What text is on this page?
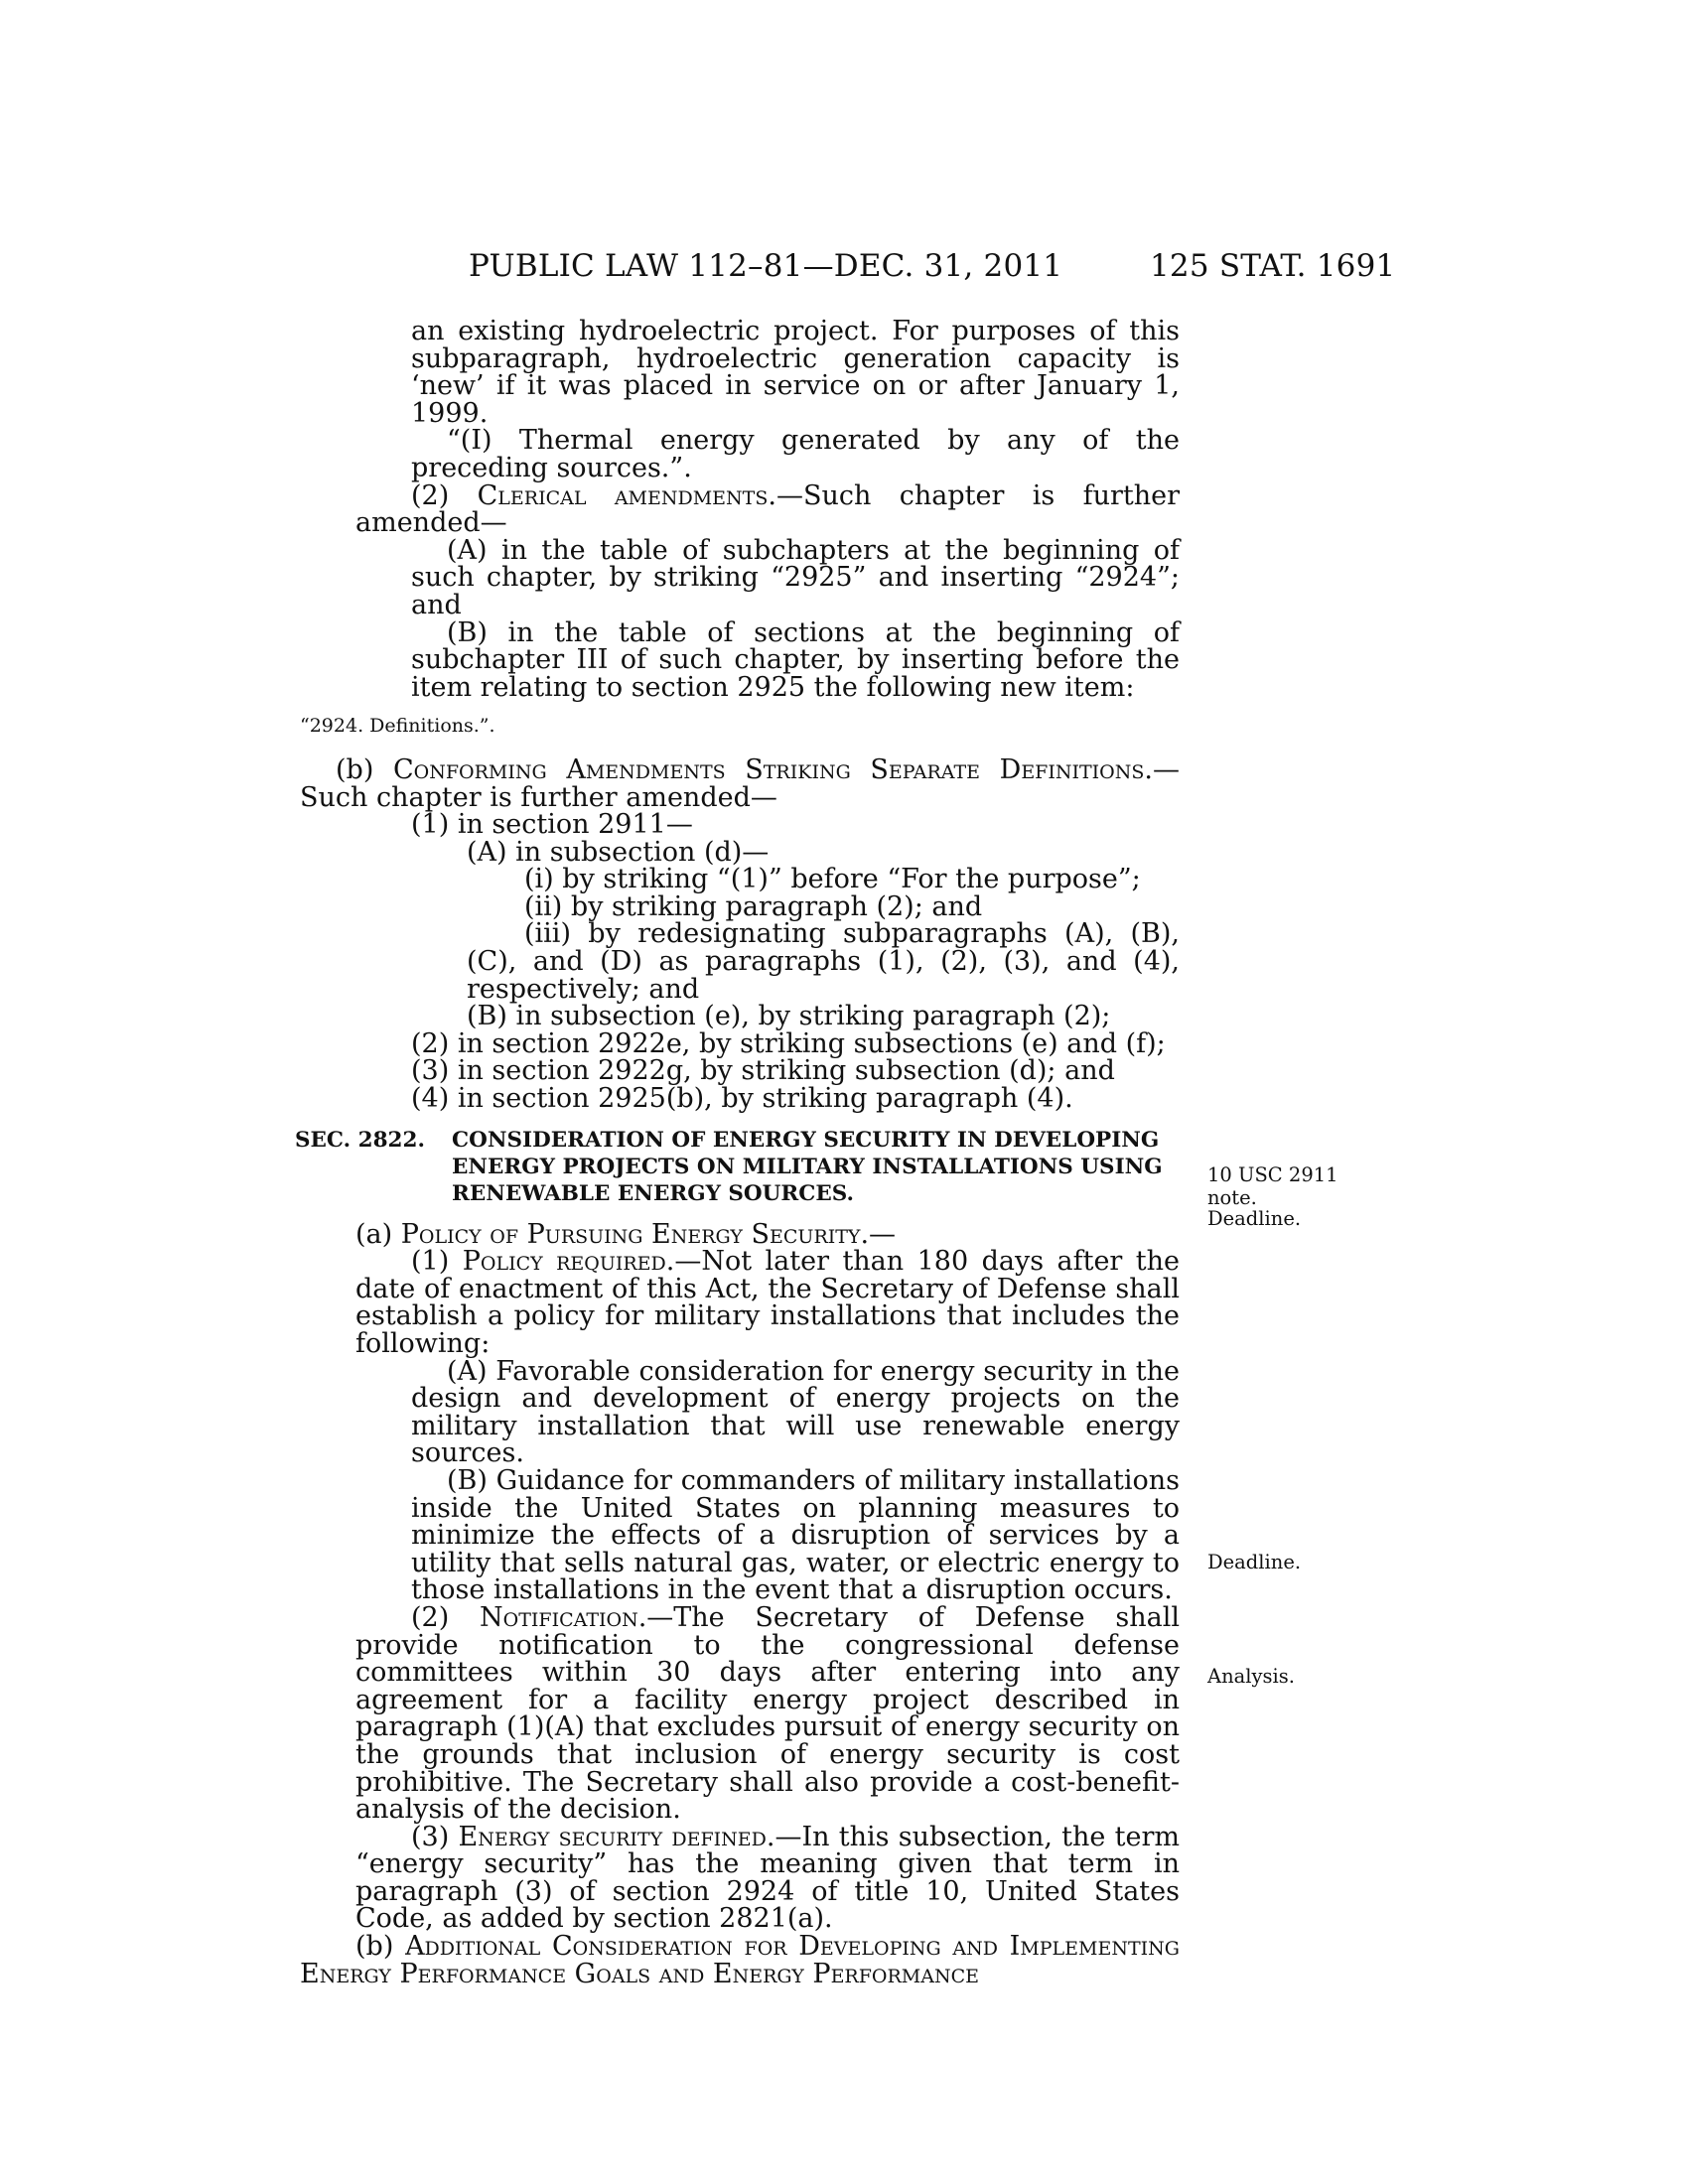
PUBLIC LAW 112–81—DEC. 31, 2011	125 STAT. 1691
an existing hydroelectric project. For purposes of this subparagraph, hydroelectric generation capacity is ‘new’ if it was placed in service on or after January 1, 1999.
“(I) Thermal energy generated by any of the preceding sources.”.
(2) Clerical amendments.—Such chapter is further amended—
(A) in the table of subchapters at the beginning of such chapter, by striking “2925” and inserting “2924”; and
(B) in the table of sections at the beginning of subchapter III of such chapter, by inserting before the item relating to section 2925 the following new item:
“2924. Definitions.”.
(b) Conforming Amendments Striking Separate Definitions.—Such chapter is further amended—
(1) in section 2911—
(A) in subsection (d)—
(i) by striking “(1)” before “For the purpose”;
(ii) by striking paragraph (2); and
(iii) by redesignating subparagraphs (A), (B), (C), and (D) as paragraphs (1), (2), (3), and (4), respectively; and
(B) in subsection (e), by striking paragraph (2);
(2) in section 2922e, by striking subsections (e) and (f);
(3) in section 2922g, by striking subsection (d); and
(4) in section 2925(b), by striking paragraph (4).
SEC. 2822.	CONSIDERATION OF ENERGY SECURITY IN DEVELOPING ENERGY PROJECTS ON MILITARY INSTALLATIONS USING RENEWABLE ENERGY SOURCES.
(a) Policy of Pursuing Energy Security.—
(1) Policy required.—Not later than 180 days after the date of enactment of this Act, the Secretary of Defense shall establish a policy for military installations that includes the following:
(A) Favorable consideration for energy security in the design and development of energy projects on the military installation that will use renewable energy sources.
(B) Guidance for commanders of military installations inside the United States on planning measures to minimize the effects of a disruption of services by a utility that sells natural gas, water, or electric energy to those installations in the event that a disruption occurs.
(2) Notification.—The Secretary of Defense shall provide notification to the congressional defense committees within 30 days after entering into any agreement for a facility energy project described in paragraph (1)(A) that excludes pursuit of energy security on the grounds that inclusion of energy security is cost prohibitive. The Secretary shall also provide a cost-benefit-analysis of the decision.
(3) Energy security defined.—In this subsection, the term “energy security” has the meaning given that term in paragraph (3) of section 2924 of title 10, United States Code, as added by section 2821(a).
(b) Additional Consideration for Developing and Implementing Energy Performance Goals and Energy Performance
10 USC 2911
note.
Deadline.
Deadline.
Analysis.
